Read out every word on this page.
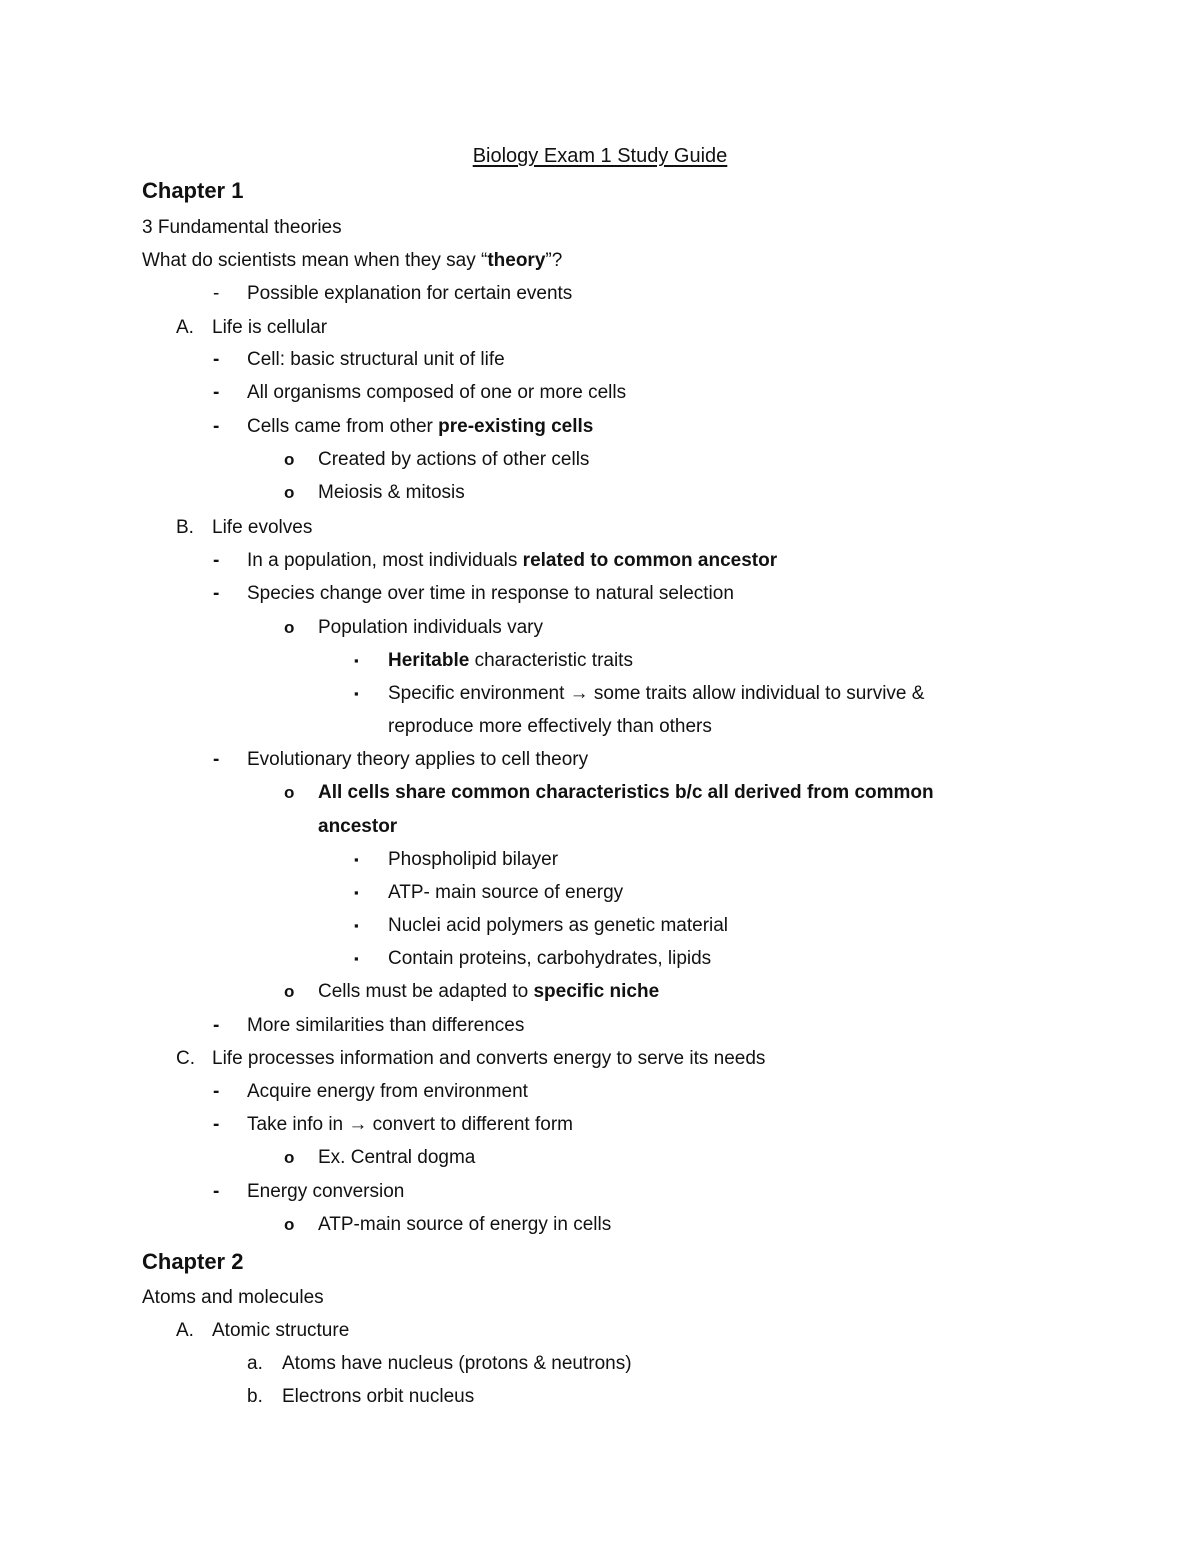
Biology Exam 1 Study Guide
Chapter 1
3 Fundamental theories
What do scientists mean when they say “theory”?
- Possible explanation for certain events
A. Life is cellular
- Cell: basic structural unit of life
- All organisms composed of one or more cells
- Cells came from other pre-existing cells
o Created by actions of other cells
o Meiosis & mitosis
B. Life evolves
- In a population, most individuals related to common ancestor
- Species change over time in response to natural selection
o Population individuals vary
▪ Heritable characteristic traits
▪ Specific environment → some traits allow individual to survive &
reproduce more effectively than others
- Evolutionary theory applies to cell theory
o All cells share common characteristics b/c all derived from common
ancestor
▪ Phospholipid bilayer
▪ ATP- main source of energy
▪ Nuclei acid polymers as genetic material
▪ Contain proteins, carbohydrates, lipids
o Cells must be adapted to specific niche
- More similarities than differences
C. Life processes information and converts energy to serve its needs
- Acquire energy from environment
- Take info in → convert to different form
o Ex. Central dogma
- Energy conversion
o ATP-main source of energy in cells
Chapter 2
Atoms and molecules
A. Atomic structure
a. Atoms have nucleus (protons & neutrons)
b. Electrons orbit nucleus
